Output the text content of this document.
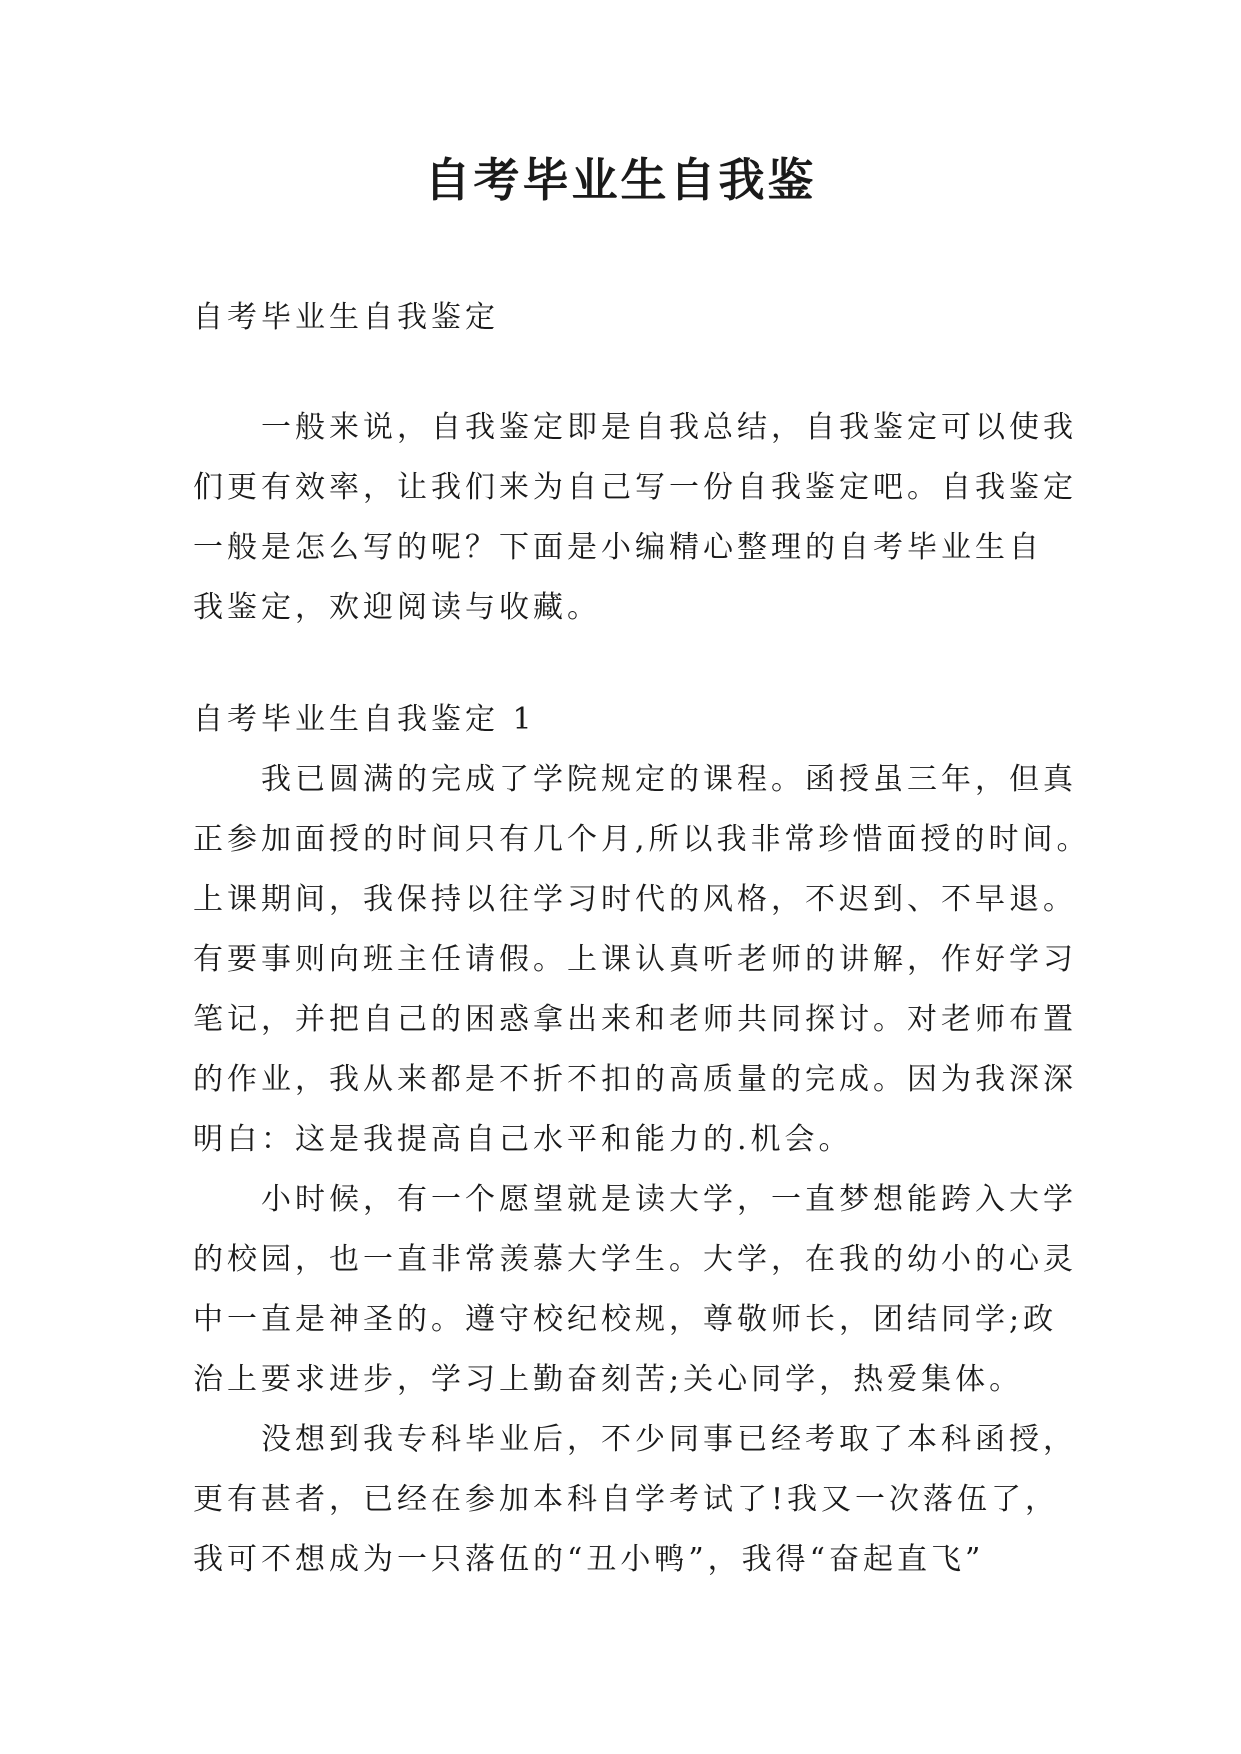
自考毕业生自我鉴
自考毕业生自我鉴定
一般来说，自我鉴定即是自我总结，自我鉴定可以使我
们更有效率，让我们来为自己写一份自我鉴定吧。自我鉴定
一般是怎么写的呢？下面是小编精心整理的自考毕业生自
我鉴定，欢迎阅读与收藏。
自考毕业生自我鉴定 1
我已圆满的完成了学院规定的课程。函授虽三年，但真
正参加面授的时间只有几个月,所以我非常珍惜面授的时间。
上课期间，我保持以往学习时代的风格，不迟到、不早退。
有要事则向班主任请假。上课认真听老师的讲解，作好学习
笔记，并把自己的困惑拿出来和老师共同探讨。对老师布置
的作业，我从来都是不折不扣的高质量的完成。因为我深深
明白：这是我提高自己水平和能力的.机会。
小时候，有一个愿望就是读大学，一直梦想能跨入大学
的校园，也一直非常羡慕大学生。大学，在我的幼小的心灵
中一直是神圣的。遵守校纪校规，尊敬师长，团结同学;政
治上要求进步，学习上勤奋刻苦;关心同学，热爱集体。
没想到我专科毕业后，不少同事已经考取了本科函授，
更有甚者，已经在参加本科自学考试了!我又一次落伍了，
我可不想成为一只落伍的“丑小鸭”，我得“奋起直飞”
